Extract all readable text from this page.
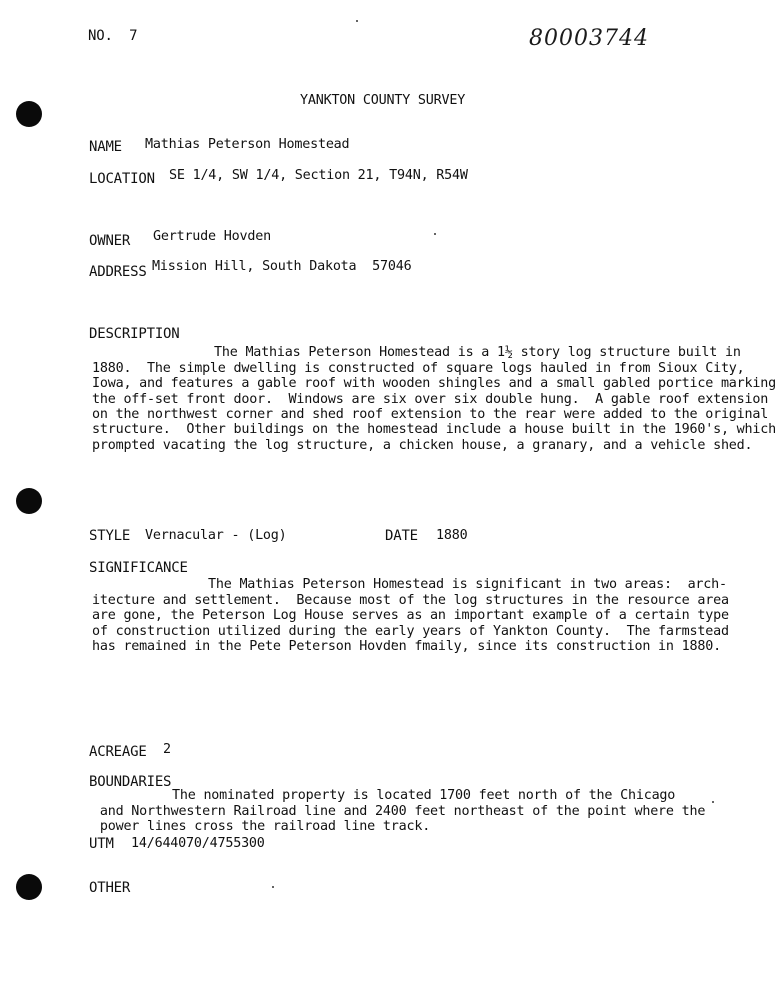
NO.  7	80003744
YANKTON COUNTY SURVEY
NAME Mathias Peterson Homestead
LOCATION SE 1/4, SW 1/4, Section 21, T94N, R54W
OWNER Gertrude Hovden
ADDRESS Mission Hill, South Dakota  57046
DESCRIPTION

The Mathias Peterson Homestead is a 1½ story log structure built in
1880.  The simple dwelling is constructed of square logs hauled in from Sioux City,
Iowa, and features a gable roof with wooden shingles and a small gabled portice marking
the off-set front door.  Windows are six over six double hung.  A gable roof extension
on the northwest corner and shed roof extension to the rear were added to the original
structure.  Other buildings on the homestead include a house built in the 1960's, which
prompted vacating the log structure, a chicken house, a granary, and a vehicle shed.

STYLE Vernacular - (Log)	DATE 1880
SIGNIFICANCE

The Mathias Peterson Homestead is significant in two areas:  arch-
itecture and settlement.  Because most of the log structures in the resource area
are gone, the Peterson Log House serves as an important example of a certain type
of construction utilized during the early years of Yankton County.  The farmstead
has remained in the Pete Peterson Hovden fmaily, since its construction in 1880.

ACREAGE 2
BOUNDARIES

The nominated property is located 1700 feet north of the Chicago
and Northwestern Railroad line and 2400 feet northeast of the point where the
power lines cross the railroad line track.

UTM 14/644070/4755300
OTHER
